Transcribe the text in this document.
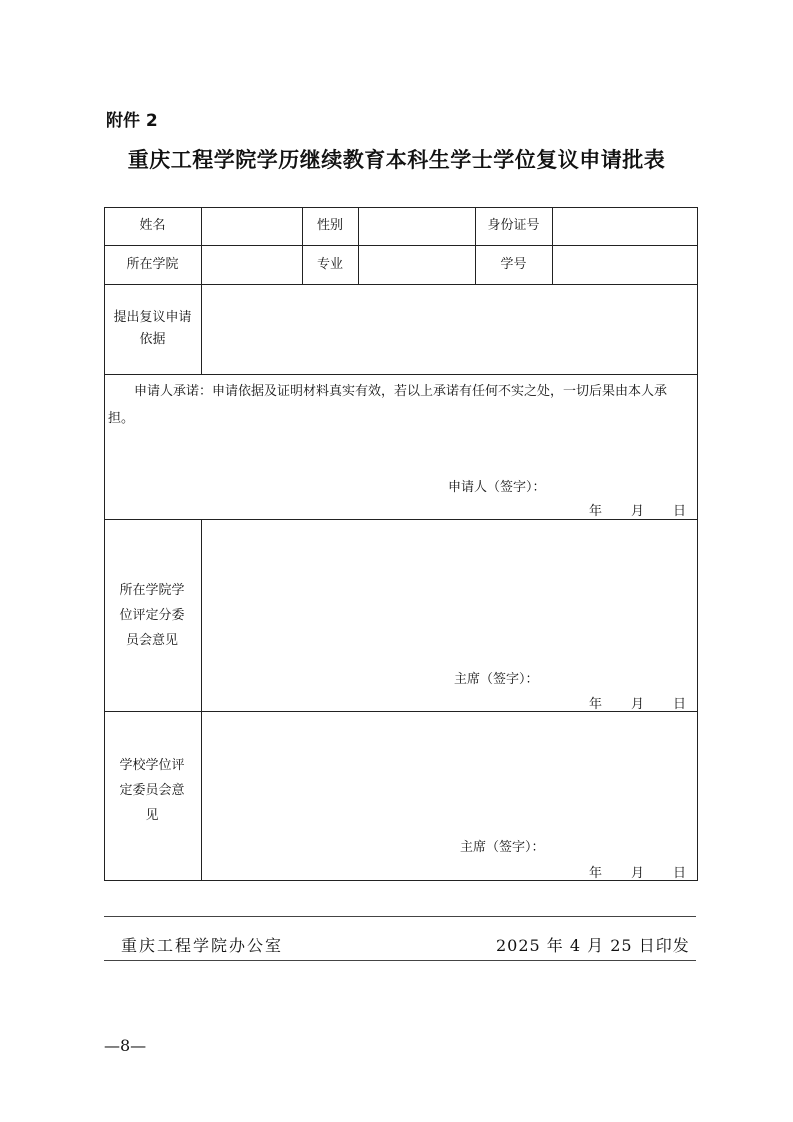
附件 2
重庆工程学院学历继续教育本科生学士学位复议申请批表
姓名	性别	身份证号
所在学院	专业	学号
提出复议申请依据
申请人承诺：申请依据及证明材料真实有效，若以上承诺有任何不实之处，一切后果由本人承担。
申请人（签字）：
年 月 日
所在学院学位评定分委员会意见
主席（签字）：
年 月 日
学校学位评定委员会意见
主席（签字）：
年 月 日
重庆工程学院办公室	2025 年 4 月 25 日印发
—8—
